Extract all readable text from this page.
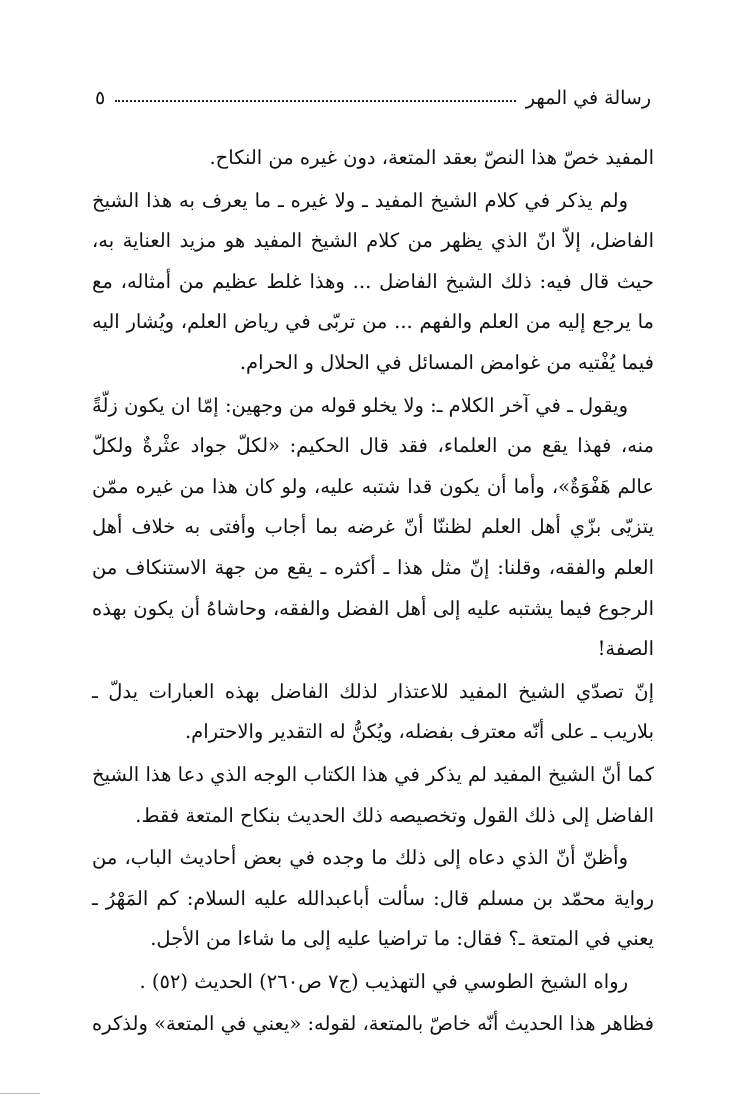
رسالة في المهر
٥

المفيد خصّ هذا النصّ بعقد المتعة، دون غيره من النكاح.

ولم يذكر في كلام الشيخ المفيد ـ ولا غيره ـ ما يعرف به هذا الشيخ الفاضل، إلاّ انّ الذي يظهر من كلام الشيخ المفيد هو مزيد العناية به، حيث قال فيه: ذلك الشيخ الفاضل ... وهذا غلط عظيم من أمثاله، مع ما يرجع إليه من العلم والفهم ... من تربّى في رياض العلم، ويُشار اليه فيما يُفْتيه من غوامض المسائل في الحلال و الحرام.

ويقول ـ في آخر الكلام ـ: ولا يخلو قوله من وجهين: إمّا ان يكون زلّةً منه، فهذا يقع من العلماء، فقد قال الحكيم: «لكلّ جواد عثْرةٌ ولكلّ عالم هَفْوَةٌ»، وأما أن يكون قدا شتبه عليه، ولو كان هذا من غيره ممّن يتزيّى بزّي أهل العلم لظننّا أنّ غرضه بما أجاب وأفتى به خلاف أهل العلم والفقه، وقلنا: إنّ مثل هذا ـ أكثره ـ يقع من جهة الاستنكاف من الرجوع فيما يشتبه عليه إلى أهل الفضل والفقه، وحاشاهُ أن يكون بهذه الصفة!

إنّ تصدّي الشيخ المفيد للاعتذار لذلك الفاضل بهذه العبارات يدلّ ـ بلاريب ـ على أنّه معترف بفضله، ويُكنُّ له التقدير والاحترام.

كما أنّ الشيخ المفيد لم يذكر في هذا الكتاب الوجه الذي دعا هذا الشيخ الفاضل إلى ذلك القول وتخصيصه ذلك الحديث بنكاح المتعة فقط.

وأظنّ أنّ الذي دعاه إلى ذلك ما وجده في بعض أحاديث الباب، من رواية محمّد بن مسلم قال: سألت أباعبدالله عليه السلام: كم المَهْرُ ـ يعني في المتعة ـ؟ فقال: ما تراضيا عليه إلى ما شاءا من الأجل.

رواه الشيخ الطوسي في التهذيب (ج٧ ص٢٦٠) الحديث (٥٢) .

فظاهر هذا الحديث أنّه خاصّ بالمتعة، لقوله: «يعني في المتعة» ولذكره
